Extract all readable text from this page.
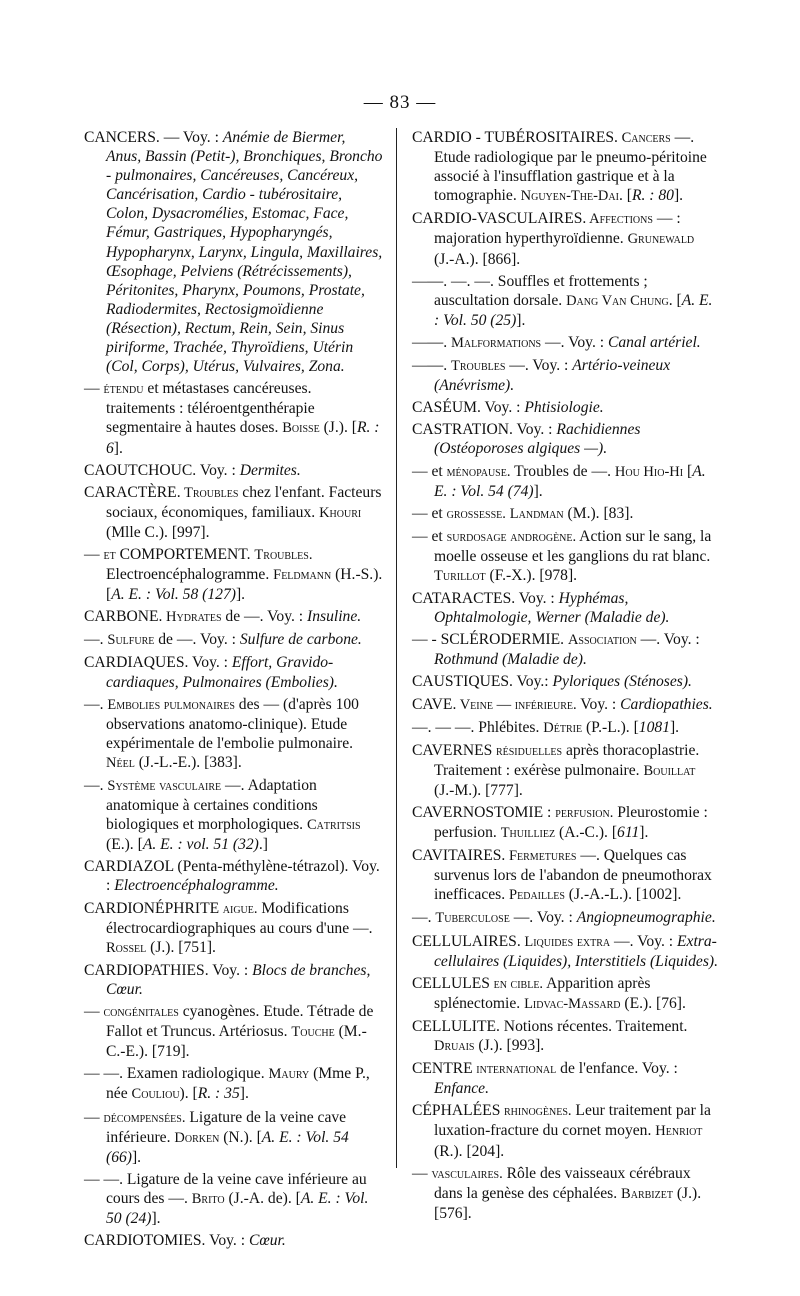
— 83 —
CANCERS. — Voy. : Anémie de Biermer, Anus, Bassin (Petit-), Bronchiques, Broncho - pulmonaires, Cancéreuses, Cancéreux, Cancérisation, Cardio - tubérositaire, Colon, Dysacromélies, Estomac, Face, Fémur, Gastriques, Hypopharyngés, Hypopharynx, Larynx, Lingula, Maxillaires, Œsophage, Pelviens (Rétrécissements), Péritonites, Pharynx, Poumons, Prostate, Radiodermites, Rectosigmoïdienne (Résection), Rectum, Rein, Sein, Sinus piriforme, Trachée, Thyroïdiens, Utérin (Col, Corps), Utérus, Vulvaires, Zona.
— étendu et métastases cancéreuses. traitements : téléroentgenthérapie segmentaire à hautes doses. Boisse (J.). [R. : 6].
CAOUTCHOUC. Voy. : Dermites.
CARACTÈRE. Troubles chez l'enfant. Facteurs sociaux, économiques, familiaux. Khouri (Mlle C.). [997].
— et COMPORTEMENT. Troubles. Electroencéphalogramme. Feldmann (H.-S.). [A. E. : Vol. 58 (127)].
CARBONE. Hydrates de —. Voy. : Insuline.
—. Sulfure de —. Voy. : Sulfure de carbone.
CARDIAQUES. Voy. : Effort, Gravido-cardiaques, Pulmonaires (Embolies).
—. Embolies pulmonaires des — (d'après 100 observations anatomo-clinique). Etude expérimentale de l'embolie pulmonaire. Néel (J.-L.-E.). [383].
—. Système vasculaire —. Adaptation anatomique à certaines conditions biologiques et morphologiques. Caтritsis (E.). [A. E. : vol. 51 (32).]
CARDIAZOL (Penta-méthylène-tétrazol). Voy. : Electroencéphalogramme.
CARDIONÉPHRITE aigue. Modifications électrocardiographiques au cours d'une —. Rossel (J.). [751].
CARDIOPATHIES. Voy. : Blocs de branches, Cœur.
— congénitales cyanogènes. Etude. Tétrade de Fallot et Truncus. Artériosus. Touche (M.-C.-E.). [719].
— —. Examen radiologique. Maury (Mme P., née Couliou). [R. : 35].
— décompensées. Ligature de la veine cave inférieure. Dorken (N.). [A. E. : Vol. 54 (66)].
— —. Ligature de la veine cave inférieure au cours des —. Brito (J.-A. de). [A. E. : Vol. 50 (24)].
CARDIOTOMIES. Voy. : Cœur.
CARDIO - TUBÉROSITAIRES. Cancers —. Etude radiologique par le pneumo-péritoine associé à l'insufflation gastrique et à la tomographie. Nguyen-The-Dai. [R. : 80].
CARDIO-VASCULAIRES. Affections — : majoration hyperthyroïdienne. Grunewald (J.-A.). [866].
——. —. —. Souffles et frottements ; auscultation dorsale. Dang Van Chung. [A. E. : Vol. 50 (25)].
——. Malformations —. Voy. : Canal artériel.
——. Troubles —. Voy. : Artério-veineux (Anévrisme).
CASÉUM. Voy. : Phtisiologie.
CASTRATION. Voy. : Rachidiennes (Ostéoporoses algiques —).
— et ménopause. Troubles de —. Hou Hio-Hi [A. E. : Vol. 54 (74)].
— et grossesse. Landman (M.). [83].
— et surdosage androgène. Action sur le sang, la moelle osseuse et les ganglions du rat blanc. Turillot (F.-X.). [978].
CATARACTES. Voy. : Hyphémas, Ophtalmologie, Werner (Maladie de).
— - SCLÉRODERMIE. Association —. Voy. : Rothmund (Maladie de).
CAUSTIQUES. Voy.: Pyloriques (Sténoses).
CAVE. Veine — inférieure. Voy. : Cardiopathies.
—. — —. Phlébites. Détrie (P.-L.). [1081].
CAVERNES résiduelles après thoracoplastrie. Traitement : exérèse pulmonaire. Bouillat (J.-M.). [777].
CAVERNOSTOMIE : perfusion. Pleurostomie : perfusion. Thuilliez (A.-C.). [611].
CAVITAIRES. Fermetures —. Quelques cas survenus lors de l'abandon de pneumothorax inefficaces. Pedailles (J.-A.-L.). [1002].
—. Tuberculose —. Voy. : Angiopneumographie.
CELLULAIRES. Liquides extra —. Voy. : Extra-cellulaires (Liquides), Interstitiels (Liquides).
CELLULES en cible. Apparition après splénectomie. Lidvac-Massard (E.). [76].
CELLULITE. Notions récentes. Traitement. Druais (J.). [993].
CENTRE international de l'enfance. Voy. : Enfance.
CÉPHALÉES rhinogènes. Leur traitement par la luxation-fracture du cornet moyen. Henriot (R.). [204].
— vasculaires. Rôle des vaisseaux cérébraux dans la genèse des céphalées. Barbizet (J.). [576].
